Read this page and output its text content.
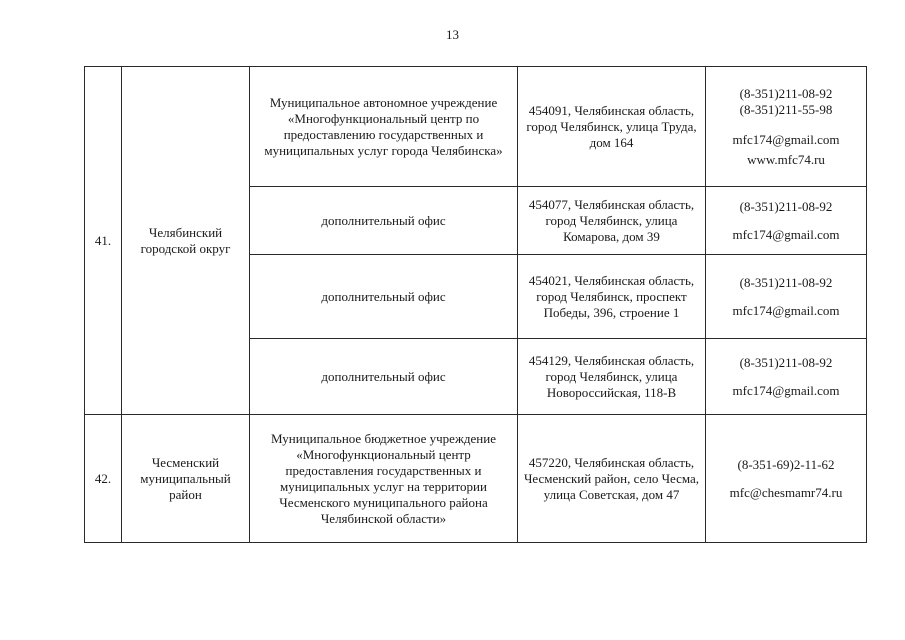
13
41.	Челябинский городской округ	Муниципальное автономное учреждение «Многофункциональный центр по предоставлению государственных и муниципальных услуг города Челябинска»	454091, Челябинская область, город Челябинск, улица Труда, дом 164	(8-351)211-08-92
(8-351)211-55-98
mfc174@gmail.com
www.mfc74.ru

		дополнительный офис	454077, Челябинская область, город Челябинск, улица Комарова, дом 39	(8-351)211-08-92
mfc174@gmail.com

		дополнительный офис	454021, Челябинская область, город Челябинск, проспект Победы, 396, строение 1	(8-351)211-08-92
mfc174@gmail.com

		дополнительный офис	454129, Челябинская область, город Челябинск, улица Новороссийская, 118-В	(8-351)211-08-92
mfc174@gmail.com

42.	Чесменский муниципальный район	Муниципальное бюджетное учреждение «Многофункциональный центр предоставления государственных и муниципальных услуг на территории Чесменского муниципального района Челябинской области»	457220, Челябинская область, Чесменский район, село Чесма, улица Советская, дом 47	(8-351-69)2-11-62
mfc@chesmamr74.ru
